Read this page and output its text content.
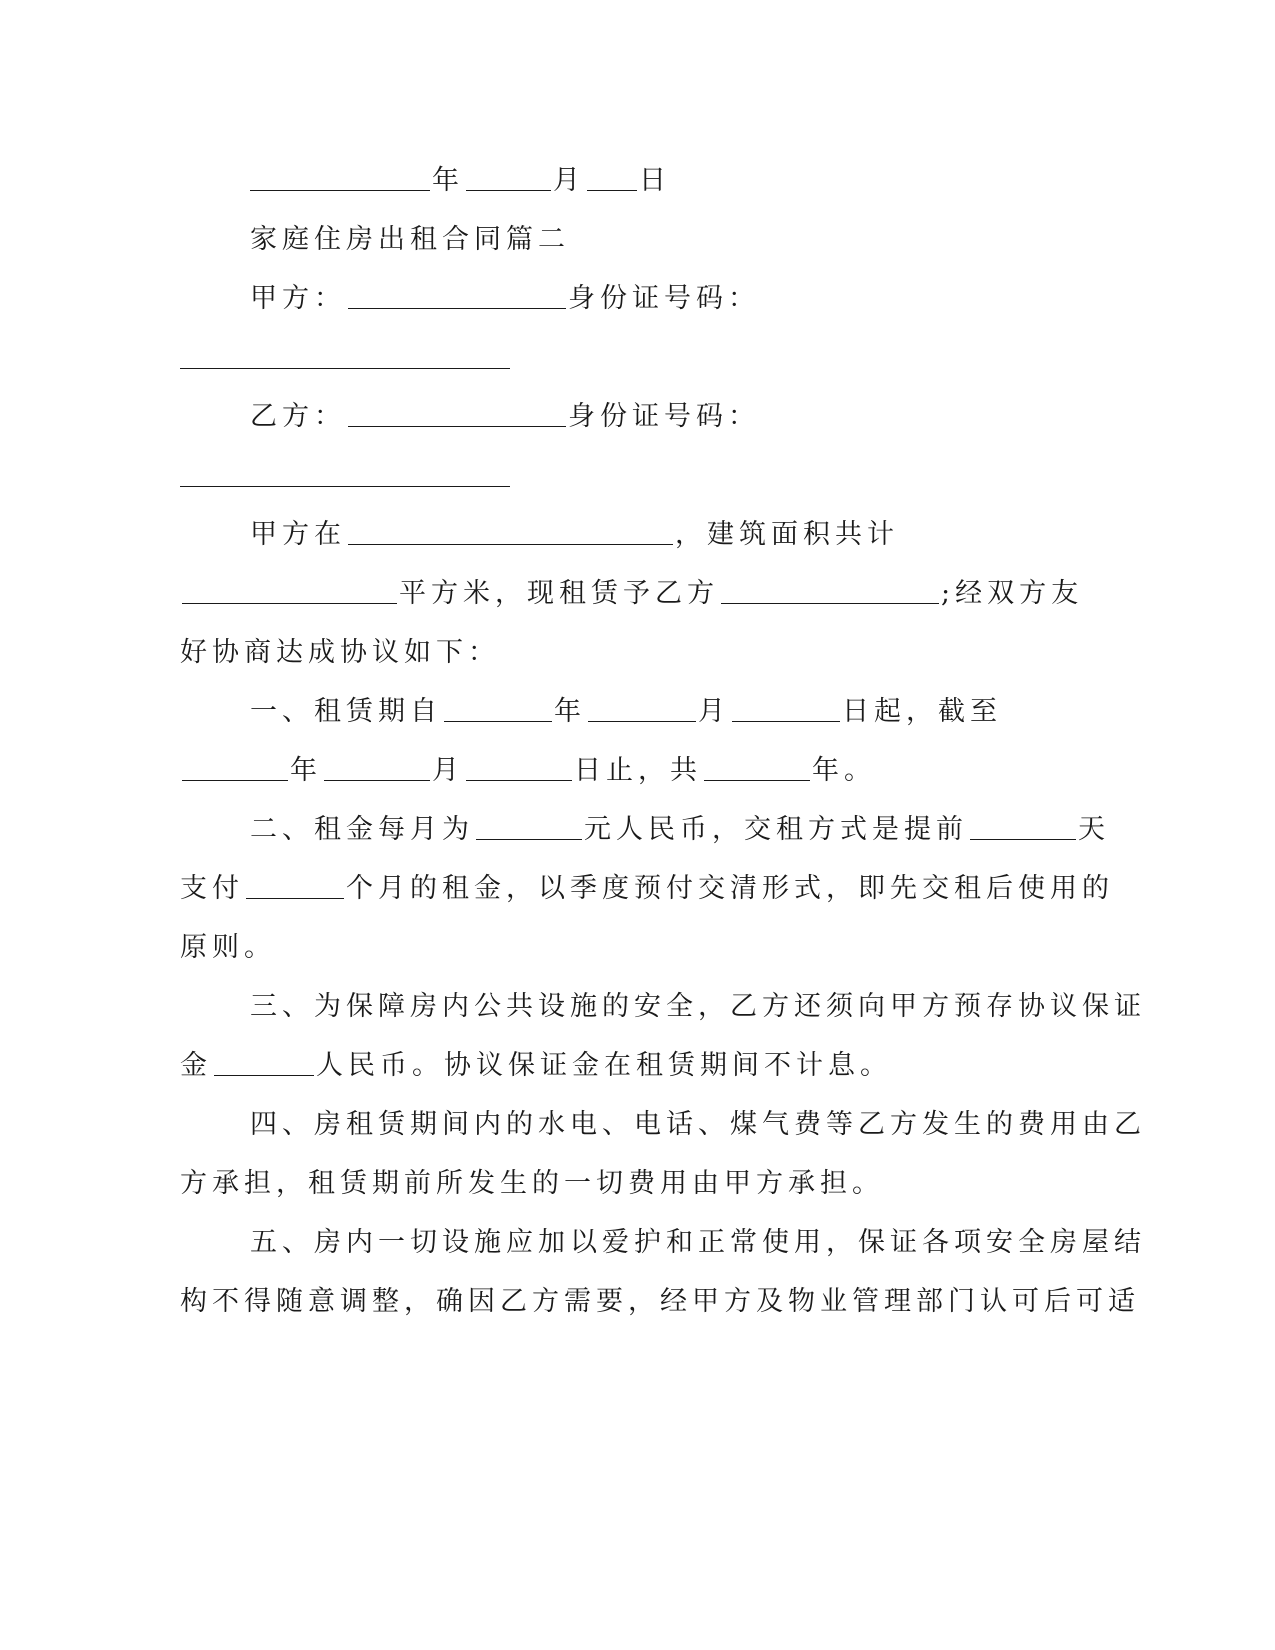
年	月 日
家庭住房出租合同篇二
甲方：	身份证号码：
乙方：	身份证号码：
甲方在	，建筑面积共计
平方米，现租赁予乙方	;经双方友
好协商达成协议如下：
一、租赁期自	年	月	日起，截至
年	月	日止，共	年。
二、租金每月为	元人民币，交租方式是提前	天
支付	个月的租金，以季度预付交清形式，即先交租后使用的
原则。
三、为保障房内公共设施的安全，乙方还须向甲方预存协议保证
金	人民币。协议保证金在租赁期间不计息。
四、房租赁期间内的水电、电话、煤气费等乙方发生的费用由乙
方承担，租赁期前所发生的一切费用由甲方承担。
五、房内一切设施应加以爱护和正常使用，保证各项安全房屋结
构不得随意调整，确因乙方需要，经甲方及物业管理部门认可后可适
